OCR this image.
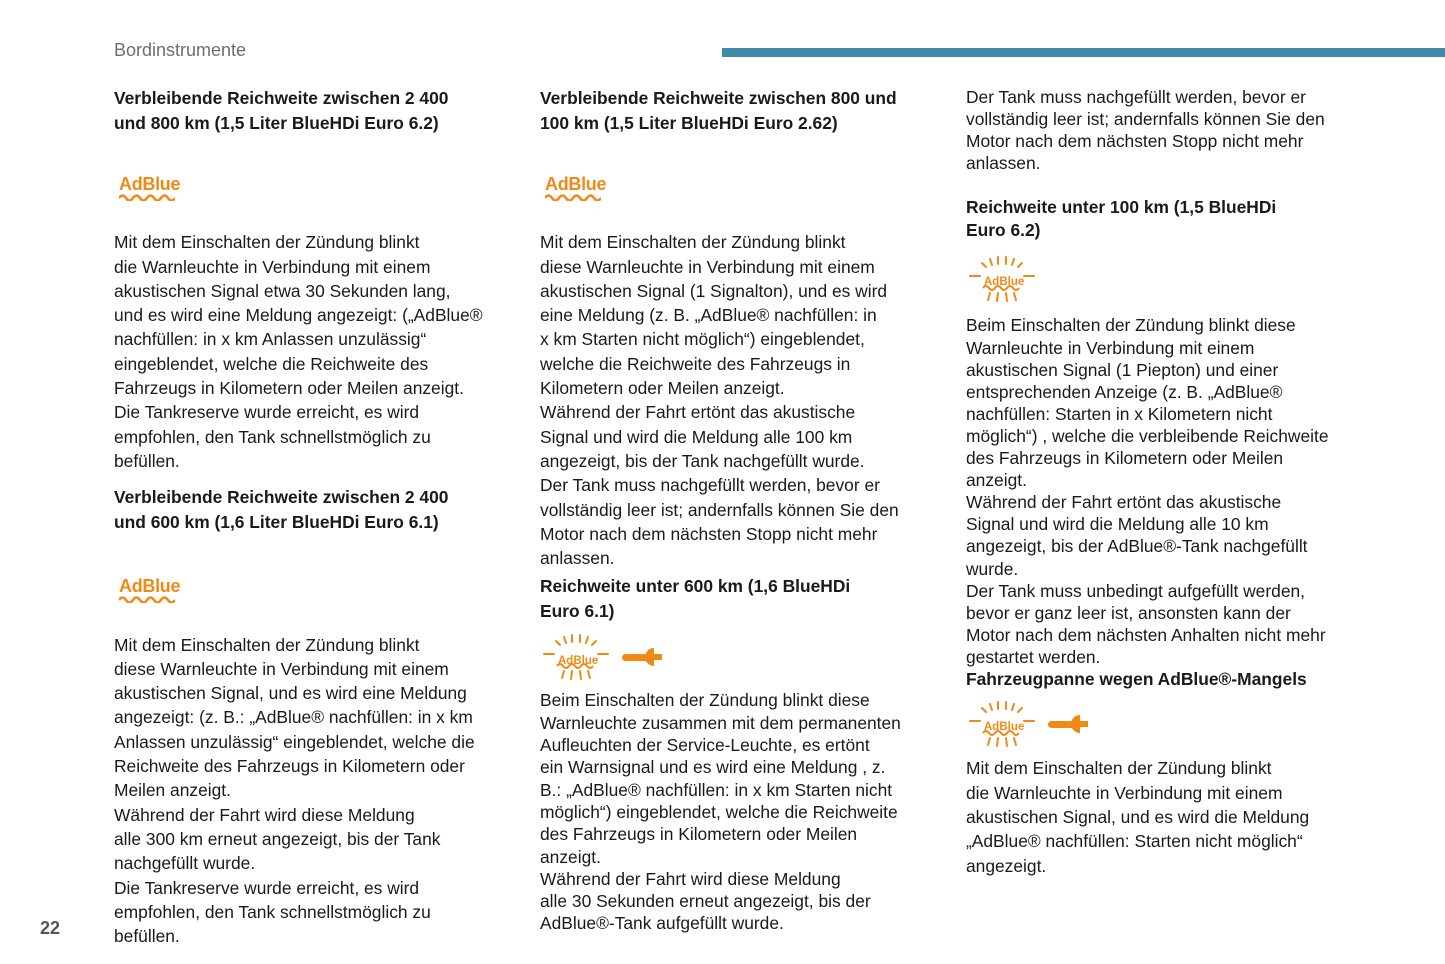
Bordinstrumente
Verbleibende Reichweite zwischen 2 400
und 800 km (1,5 Liter BlueHDi Euro 6.2)
AdBlue
Mit dem Einschalten der Zündung blinkt
die Warnleuchte in Verbindung mit einem
akustischen Signal etwa 30 Sekunden lang,
und es wird eine Meldung angezeigt: („AdBlue®
nachfüllen: in x km Anlassen unzulässig“
eingeblendet, welche die Reichweite des
Fahrzeugs in Kilometern oder Meilen anzeigt.
Die Tankreserve wurde erreicht, es wird
empfohlen, den Tank schnellstmöglich zu
befüllen.
Verbleibende Reichweite zwischen 2 400
und 600 km (1,6 Liter BlueHDi Euro 6.1)
AdBlue
Mit dem Einschalten der Zündung blinkt
diese Warnleuchte in Verbindung mit einem
akustischen Signal, und es wird eine Meldung
angezeigt: (z. B.: „AdBlue® nachfüllen: in x km
Anlassen unzulässig“ eingeblendet, welche die
Reichweite des Fahrzeugs in Kilometern oder
Meilen anzeigt.
Während der Fahrt wird diese Meldung
alle 300 km erneut angezeigt, bis der Tank
nachgefüllt wurde.
Die Tankreserve wurde erreicht, es wird
empfohlen, den Tank schnellstmöglich zu
befüllen.
Verbleibende Reichweite zwischen 800 und
100 km (1,5 Liter BlueHDi Euro 2.62)
AdBlue
Mit dem Einschalten der Zündung blinkt
diese Warnleuchte in Verbindung mit einem
akustischen Signal (1 Signalton), und es wird
eine Meldung (z. B. „AdBlue® nachfüllen: in
x km Starten nicht möglich“) eingeblendet,
welche die Reichweite des Fahrzeugs in
Kilometern oder Meilen anzeigt.
Während der Fahrt ertönt das akustische
Signal und wird die Meldung alle 100 km
angezeigt, bis der Tank nachgefüllt wurde.
Der Tank muss nachgefüllt werden, bevor er
vollständig leer ist; andernfalls können Sie den
Motor nach dem nächsten Stopp nicht mehr
anlassen.
Reichweite unter 600 km (1,6 BlueHDi
Euro 6.1)
AdBlue
Beim Einschalten der Zündung blinkt diese
Warnleuchte zusammen mit dem permanenten
Aufleuchten der Service-Leuchte, es ertönt
ein Warnsignal und es wird eine Meldung , z.
B.: „AdBlue® nachfüllen: in x km Starten nicht
möglich“) eingeblendet, welche die Reichweite
des Fahrzeugs in Kilometern oder Meilen
anzeigt.
Während der Fahrt wird diese Meldung
alle 30 Sekunden erneut angezeigt, bis der
AdBlue®-Tank aufgefüllt wurde.
Der Tank muss nachgefüllt werden, bevor er
vollständig leer ist; andernfalls können Sie den
Motor nach dem nächsten Stopp nicht mehr
anlassen.
Reichweite unter 100 km (1,5 BlueHDi
Euro 6.2)
AdBlue
Beim Einschalten der Zündung blinkt diese
Warnleuchte in Verbindung mit einem
akustischen Signal (1 Piepton) und einer
entsprechenden Anzeige (z. B. „AdBlue®
nachfüllen: Starten in x Kilometern nicht
möglich“) , welche die verbleibende Reichweite
des Fahrzeugs in Kilometern oder Meilen
anzeigt.
Während der Fahrt ertönt das akustische
Signal und wird die Meldung alle 10 km
angezeigt, bis der AdBlue®-Tank nachgefüllt
wurde.
Der Tank muss unbedingt aufgefüllt werden,
bevor er ganz leer ist, ansonsten kann der
Motor nach dem nächsten Anhalten nicht mehr
gestartet werden.
Fahrzeugpanne wegen AdBlue®-Mangels
AdBlue
Mit dem Einschalten der Zündung blinkt
die Warnleuchte in Verbindung mit einem
akustischen Signal, und es wird die Meldung
„AdBlue® nachfüllen: Starten nicht möglich“
angezeigt.
22
